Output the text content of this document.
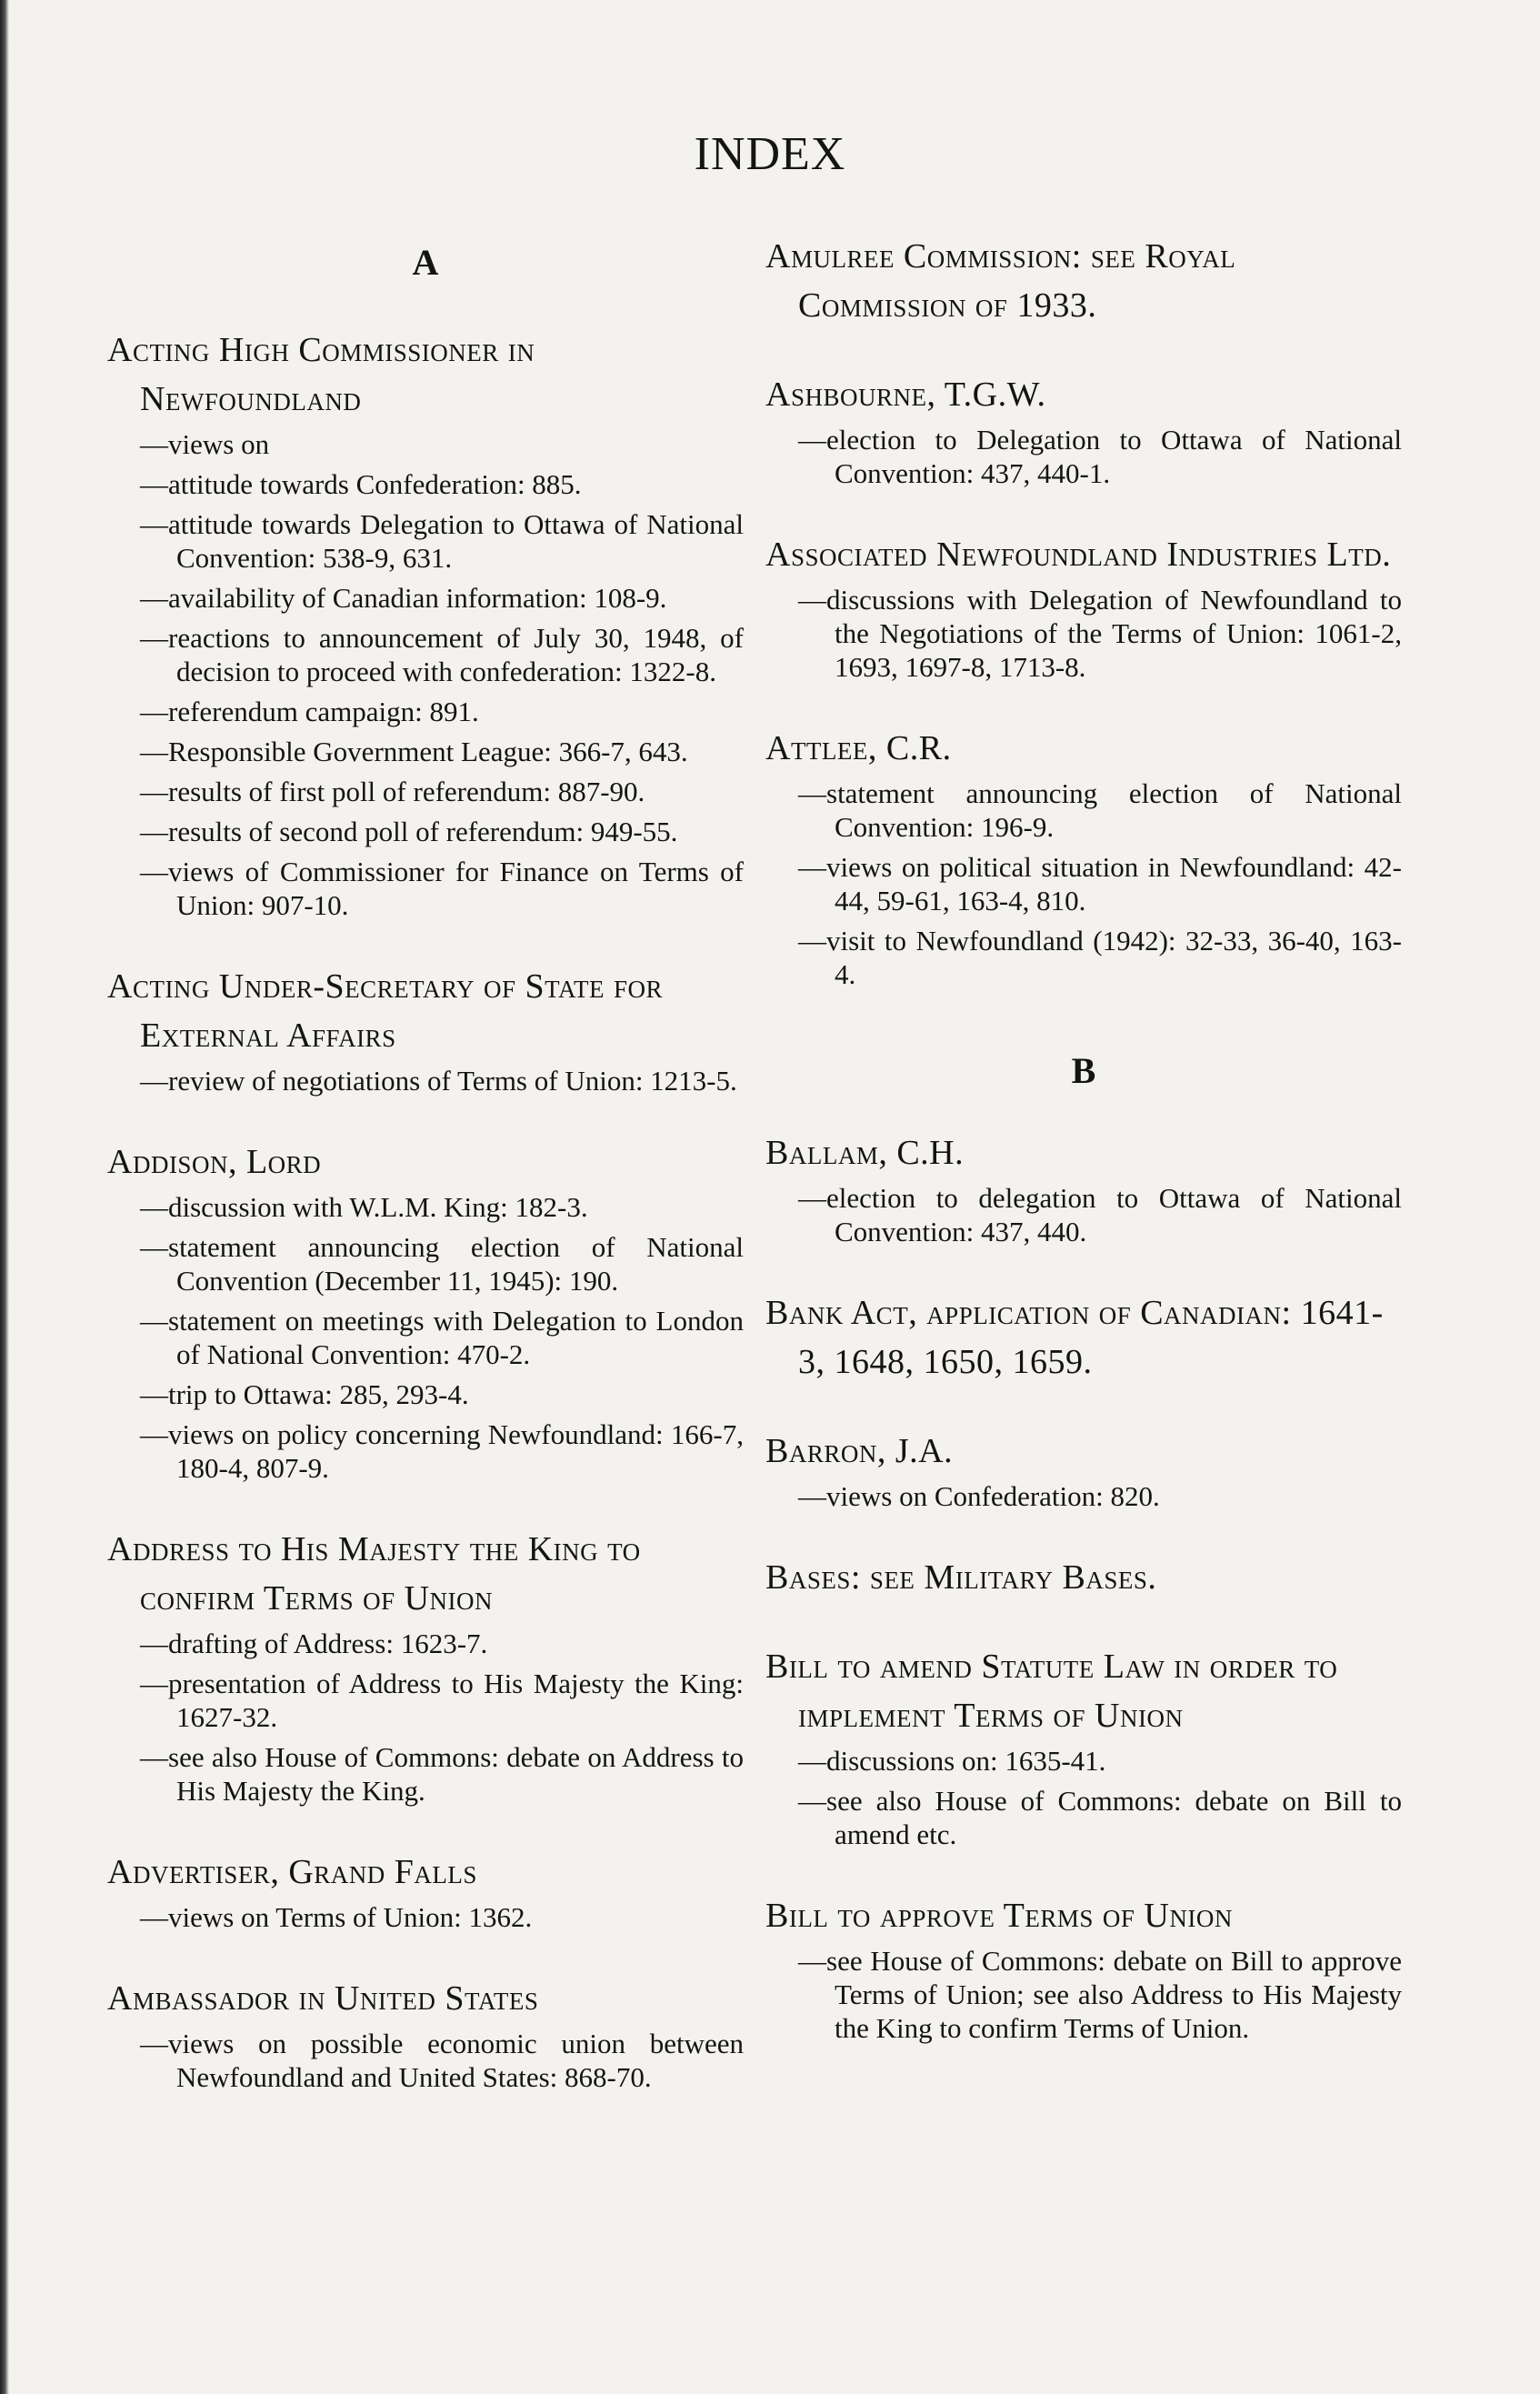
INDEX
A
Acting High Commissioner in Newfoundland
—views on
—attitude towards Confederation: 885.
—attitude towards Delegation to Ottawa of National Convention: 538-9, 631.
—availability of Canadian information: 108-9.
—reactions to announcement of July 30, 1948, of decision to proceed with confederation: 1322-8.
—referendum campaign: 891.
—Responsible Government League: 366-7, 643.
—results of first poll of referendum: 887-90.
—results of second poll of referendum: 949-55.
—views of Commissioner for Finance on Terms of Union: 907-10.
Acting Under-Secretary of State for External Affairs
—review of negotiations of Terms of Union: 1213-5.
Addison, Lord
—discussion with W.L.M. King: 182-3.
—statement announcing election of National Convention (December 11, 1945): 190.
—statement on meetings with Delegation to London of National Convention: 470-2.
—trip to Ottawa: 285, 293-4.
—views on policy concerning Newfoundland: 166-7, 180-4, 807-9.
Address to His Majesty the King to confirm Terms of Union
—drafting of Address: 1623-7.
—presentation of Address to His Majesty the King: 1627-32.
—see also House of Commons: debate on Address to His Majesty the King.
Advertiser, Grand Falls
—views on Terms of Union: 1362.
Ambassador in United States
—views on possible economic union between Newfoundland and United States: 868-70.
Amulree Commission: see Royal Commission of 1933.
Ashbourne, T.G.W.
—election to Delegation to Ottawa of National Convention: 437, 440-1.
Associated Newfoundland Industries Ltd.
—discussions with Delegation of Newfoundland to the Negotiations of the Terms of Union: 1061-2, 1693, 1697-8, 1713-8.
Attlee, C.R.
—statement announcing election of National Convention: 196-9.
—views on political situation in Newfoundland: 42-44, 59-61, 163-4, 810.
—visit to Newfoundland (1942): 32-33, 36-40, 163-4.
B
Ballam, C.H.
—election to delegation to Ottawa of National Convention: 437, 440.
Bank Act, application of Canadian: 1641-3, 1648, 1650, 1659.
Barron, J.A.
—views on Confederation: 820.
Bases: see Military Bases.
Bill to amend Statute Law in order to implement Terms of Union
—discussions on: 1635-41.
—see also House of Commons: debate on Bill to amend etc.
Bill to approve Terms of Union
—see House of Commons: debate on Bill to approve Terms of Union; see also Address to His Majesty the King to confirm Terms of Union.
